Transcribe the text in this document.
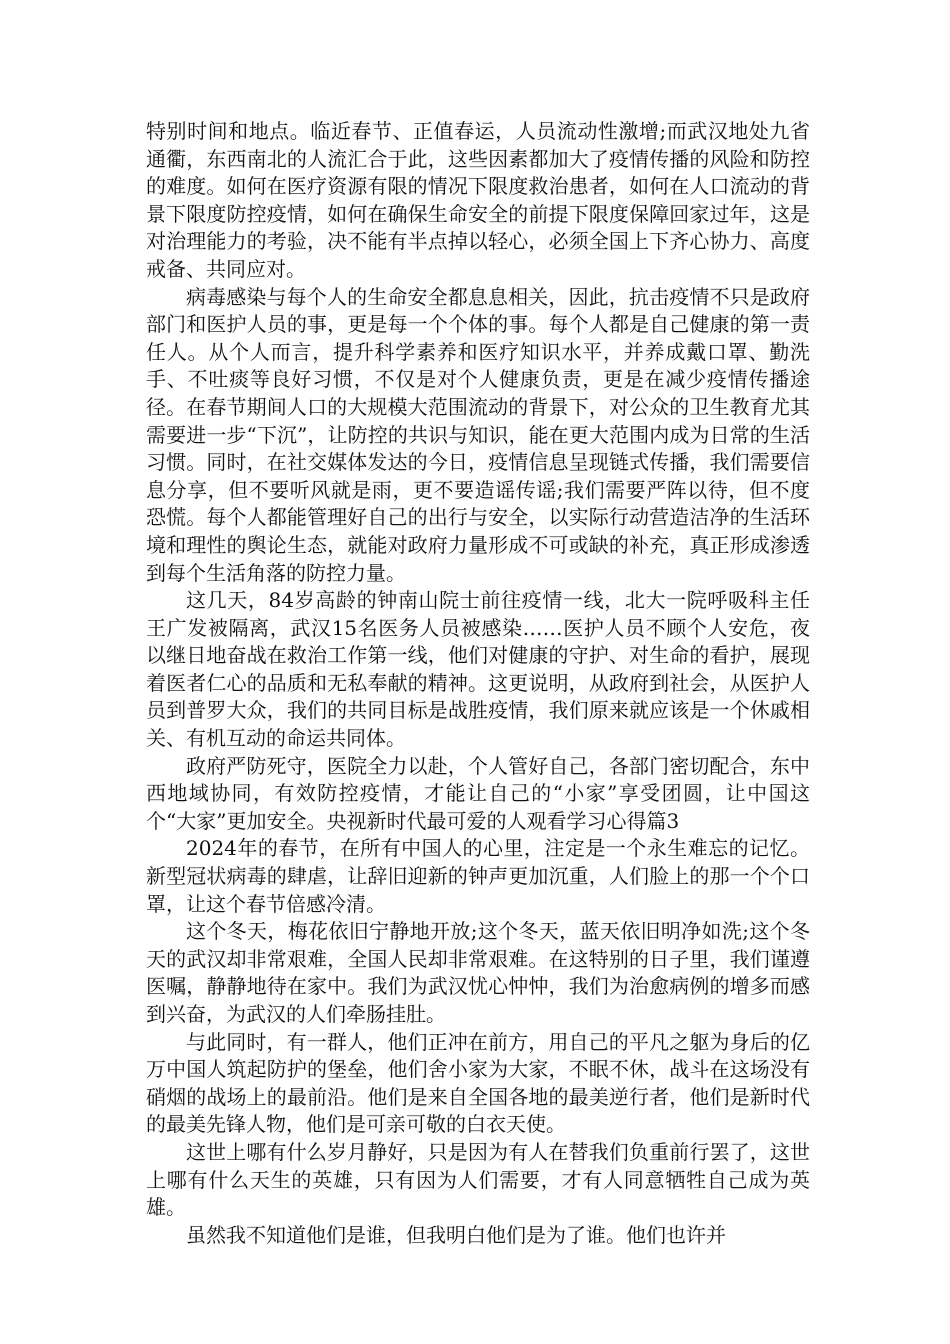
特别时间和地点。临近春节、正值春运，人员流动性激增;而武汉地处九省通衢，东西南北的人流汇合于此，这些因素都加大了疫情传播的风险和防控的难度。如何在医疗资源有限的情况下限度救治患者，如何在人口流动的背景下限度防控疫情，如何在确保生命安全的前提下限度保障回家过年，这是对治理能力的考验，决不能有半点掉以轻心，必须全国上下齐心协力、高度戒备、共同应对。

病毒感染与每个人的生命安全都息息相关，因此，抗击疫情不只是政府部门和医护人员的事，更是每一个个体的事。每个人都是自己健康的第一责任人。从个人而言，提升科学素养和医疗知识水平，并养成戴口罩、勤洗手、不吐痰等良好习惯，不仅是对个人健康负责，更是在减少疫情传播途径。在春节期间人口的大规模大范围流动的背景下，对公众的卫生教育尤其需要进一步“下沉”，让防控的共识与知识，能在更大范围内成为日常的生活习惯。同时，在社交媒体发达的今日，疫情信息呈现链式传播，我们需要信息分享，但不要听风就是雨，更不要造谣传谣;我们需要严阵以待，但不度恐慌。每个人都能管理好自己的出行与安全，以实际行动营造洁净的生活环境和理性的舆论生态，就能对政府力量形成不可或缺的补充，真正形成渗透到每个生活角落的防控力量。

这几天，84岁高龄的钟南山院士前往疫情一线，北大一院呼吸科主任王广发被隔离，武汉15名医务人员被感染……医护人员不顾个人安危，夜以继日地奋战在救治工作第一线，他们对健康的守护、对生命的看护，展现着医者仁心的品质和无私奉献的精神。这更说明，从政府到社会，从医护人员到普罗大众，我们的共同目标是战胜疫情，我们原来就应该是一个休戚相关、有机互动的命运共同体。

政府严防死守，医院全力以赴，个人管好自己，各部门密切配合，东中西地域协同，有效防控疫情，才能让自己的“小家”享受团圆，让中国这个“大家”更加安全。央视新时代最可爱的人观看学习心得篇3

2024年的春节，在所有中国人的心里，注定是一个永生难忘的记忆。新型冠状病毒的肆虐，让辞旧迎新的钟声更加沉重，人们脸上的那一个个口罩，让这个春节倍感冷清。

这个冬天，梅花依旧宁静地开放;这个冬天，蓝天依旧明净如洗;这个冬天的武汉却非常艰难，全国人民却非常艰难。在这特别的日子里，我们谨遵医嘱，静静地待在家中。我们为武汉忧心忡忡，我们为治愈病例的增多而感到兴奋，为武汉的人们牵肠挂肚。

与此同时，有一群人，他们正冲在前方，用自己的平凡之躯为身后的亿万中国人筑起防护的堡垒，他们舍小家为大家，不眠不休，战斗在这场没有硝烟的战场上的最前沿。他们是来自全国各地的最美逆行者，他们是新时代的最美先锋人物，他们是可亲可敬的白衣天使。

这世上哪有什么岁月静好，只是因为有人在替我们负重前行罢了，这世上哪有什么天生的英雄，只有因为人们需要，才有人同意牺牲自己成为英雄。

虽然我不知道他们是谁，但我明白他们是为了谁。他们也许并
